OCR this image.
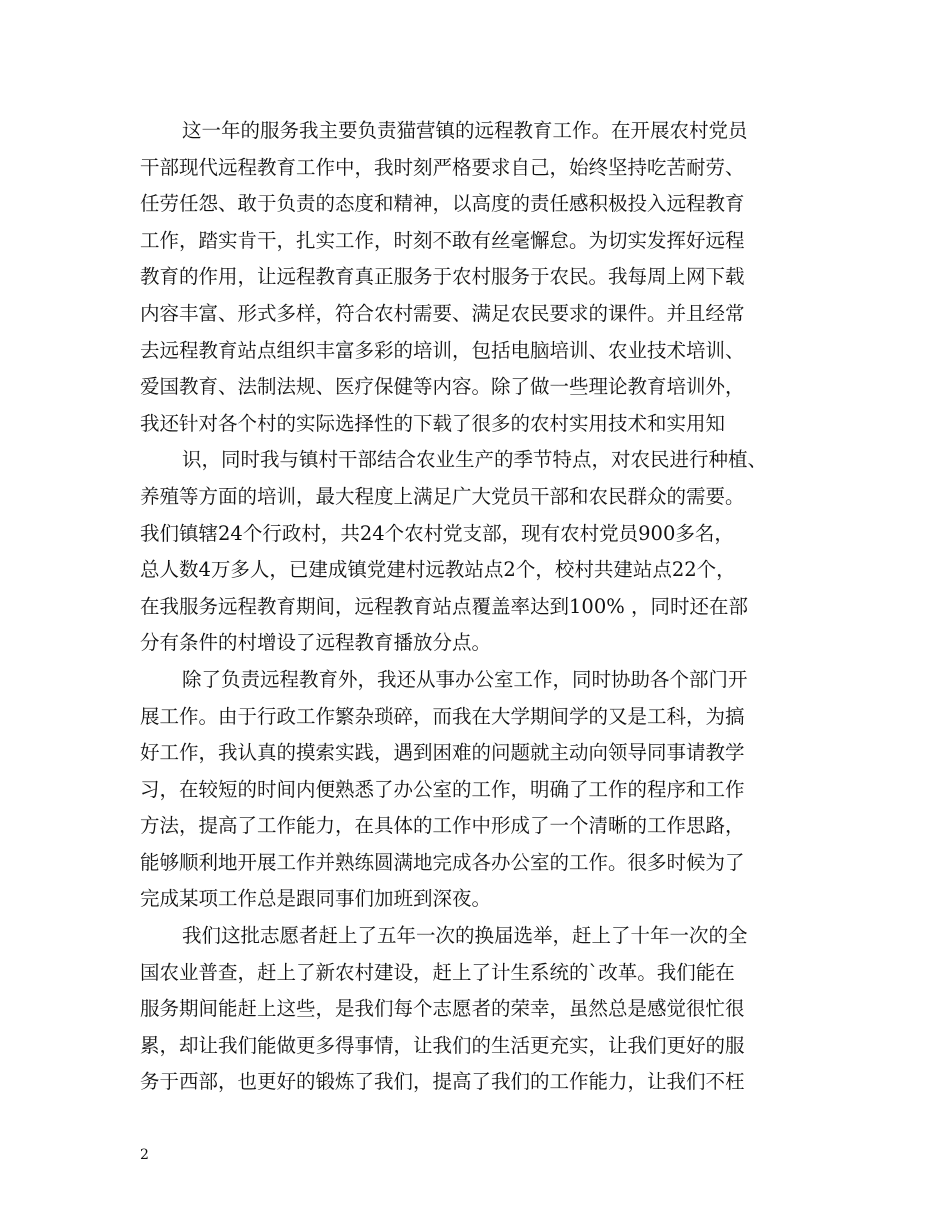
这一年的服务我主要负责猫营镇的远程教育工作。在开展农村党员
干部现代远程教育工作中，我时刻严格要求自己，始终坚持吃苦耐劳、
任劳任怨、敢于负责的态度和精神，以高度的责任感积极投入远程教育
工作，踏实肯干，扎实工作，时刻不敢有丝毫懈怠。为切实发挥好远程
教育的作用，让远程教育真正服务于农村服务于农民。我每周上网下载
内容丰富、形式多样，符合农村需要、满足农民要求的课件。并且经常
去远程教育站点组织丰富多彩的培训，包括电脑培训、农业技术培训、
爱国教育、法制法规、医疗保健等内容。除了做一些理论教育培训外，
我还针对各个村的实际选择性的下载了很多的农村实用技术和实用知
识，同时我与镇村干部结合农业生产的季节特点，对农民进行种植、
养殖等方面的培训，最大程度上满足广大党员干部和农民群众的需要。
我们镇辖24个行政村，共24个农村党支部，现有农村党员900多名，
总人数4万多人，已建成镇党建村远教站点2个，校村共建站点22个，
在我服务远程教育期间，远程教育站点覆盖率达到100% ，同时还在部
分有条件的村增设了远程教育播放分点。
除了负责远程教育外，我还从事办公室工作，同时协助各个部门开
展工作。由于行政工作繁杂琐碎，而我在大学期间学的又是工科，为搞
好工作，我认真的摸索实践，遇到困难的问题就主动向领导同事请教学
习，在较短的时间内便熟悉了办公室的工作，明确了工作的程序和工作
方法，提高了工作能力，在具体的工作中形成了一个清晰的工作思路，
能够顺利地开展工作并熟练圆满地完成各办公室的工作。很多时候为了
完成某项工作总是跟同事们加班到深夜。
我们这批志愿者赶上了五年一次的换届选举，赶上了十年一次的全
国农业普查，赶上了新农村建设，赶上了计生系统的`改革。我们能在
服务期间能赶上这些，是我们每个志愿者的荣幸，虽然总是感觉很忙很
累，却让我们能做更多得事情，让我们的生活更充实，让我们更好的服
务于西部，也更好的锻炼了我们，提高了我们的工作能力，让我们不枉
2
